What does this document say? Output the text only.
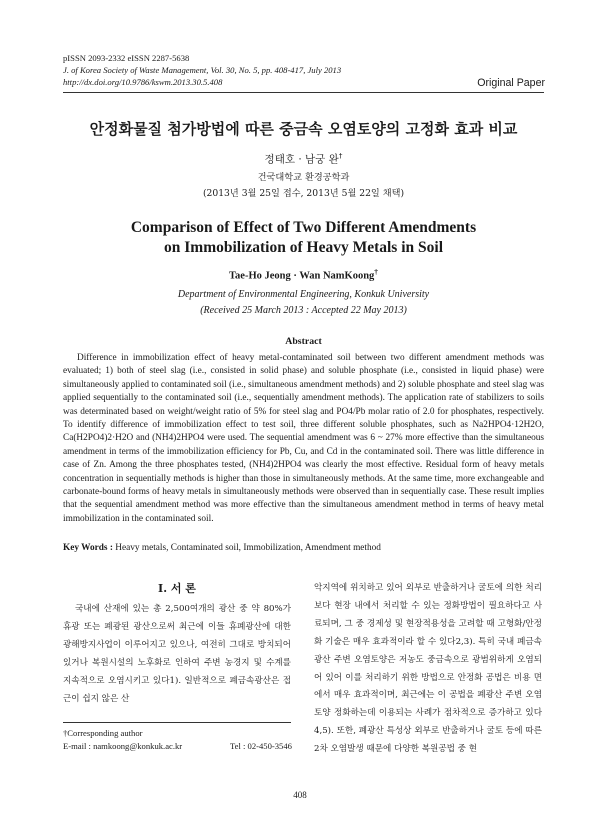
pISSN 2093-2332 eISSN 2287-5638
J. of Korea Society of Waste Management, Vol. 30, No. 5, pp. 408-417, July 2013
http://dx.doi.org/10.9786/kswm.2013.30.5.408	Original Paper
안정화물질 첨가방법에 따른 중금속 오염토양의 고정화 효과 비교
정태호 · 남궁 완†
건국대학교 환경공학과
(2013년 3월 25일 접수, 2013년 5월 22일 채택)
Comparison of Effect of Two Different Amendments
on Immobilization of Heavy Metals in Soil
Tae-Ho Jeong · Wan NamKoong†
Department of Environmental Engineering, Konkuk University
(Received 25 March 2013 : Accepted 22 May 2013)
Abstract

Difference in immobilization effect of heavy metal-contaminated soil between two different amendment methods was evaluated; 1) both of steel slag (i.e., consisted in solid phase) and soluble phosphate (i.e., consisted in liquid phase) were simultaneously applied to contaminated soil (i.e., simultaneous amendment methods) and 2) soluble phosphate and steel slag was applied sequentially to the contaminated soil (i.e., sequentially amendment methods). The application rate of stabilizers to soils was determinated based on weight/weight ratio of 5% for steel slag and PO4/Pb molar ratio of 2.0 for phosphates, respectively. To identify difference of immobilization effect to test soil, three different soluble phosphates, such as Na2HPO4·12H2O, Ca(H2PO4)2·H2O and (NH4)2HPO4 were used. The sequential amendment was 6 ~ 27% more effective than the simultaneous amendment in terms of the immobilization efficiency for Pb, Cu, and Cd in the contaminated soil. There was little difference in case of Zn. Among the three phosphates tested, (NH4)2HPO4 was clearly the most effective. Residual form of heavy metals concentration in sequentially methods is higher than those in simultaneously methods. At the same time, more exchangeable and carbonate-bound forms of heavy metals in simultaneously methods were observed than in sequentially case. These result implies that the sequential amendment method was more effective than the simultaneous amendment method in terms of heavy metal immobilization in the contaminated soil.

Key Words : Heavy metals, Contaminated soil, Immobilization, Amendment method
I. 서 론

국내에 산재에 있는 총 2,500여개의 광산 중 약 80%가 휴광 또는 폐광된 광산으로써 최근에 이들 휴폐광산에 대한 광해방지사업이 이루어지고 있으나, 여전히 그대로 방치되어 있거나 복원시설의 노후화로 인하여 주변 농경지 및 수계를 지속적으로 오염시키고 있다1). 일반적으로 폐금속광산은 접근이 쉽지 않은 산

악지역에 위치하고 있어 외부로 반출하거나 굴토에 의한 처리보다 현장 내에서 처리할 수 있는 정화방법이 필요하다고 사료되며, 그 중 경제성 및 현장적용성을 고려할 때 고형화/안정화 기술은 매우 효과적이라 할 수 있다2,3). 특히 국내 폐금속광산 주변 오염토양은 저농도 중금속으로 광범위하게 오염되어 있어 이를 처리하기 위한 방법으로 안정화 공법은 비용 면에서 매우 효과적이며, 최근에는 이 공법을 폐광산 주변 오염토양 정화하는데 이용되는 사례가 점차적으로 증가하고 있다4,5). 또한, 폐광산 특성상 외부로 반출하거나 굴토 등에 따른 2차 오염발생 때문에 다양한 복원공법 중 현

†Corresponding author
E-mail : namkoong@konkuk.ac.kr	Tel : 02-450-3546
408
